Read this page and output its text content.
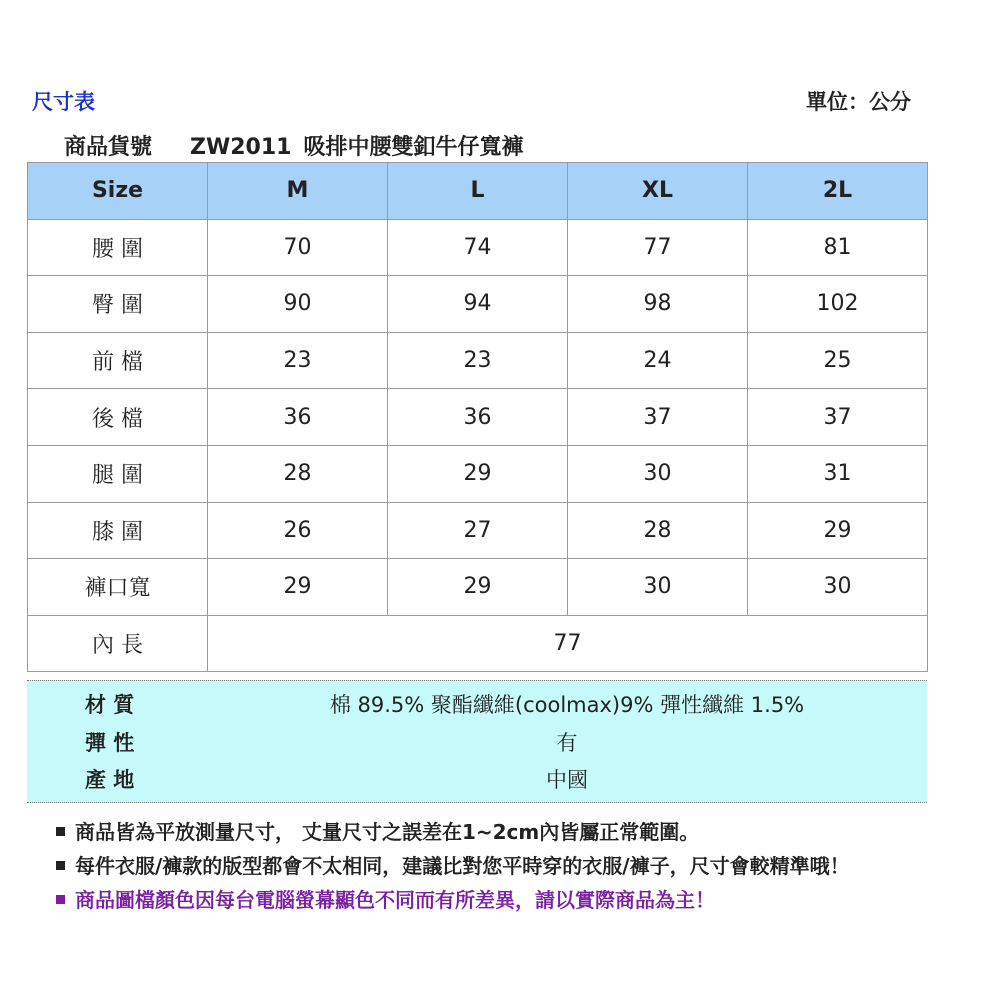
尺寸表	單位：公分
商品貨號 ZW2011 吸排中腰雙釦牛仔寬褲
Size	M	L	XL	2L
腰 圍	70	74	77	81
臀 圍	90	94	98	102
前 檔	23	23	24	25
後 檔	36	36	37	37
腿 圍	28	29	30	31
膝 圍	26	27	28	29
褲口寬	29	29	30	30
內 長	77			
材 質	棉 89.5% 聚酯纖維(coolmax)9% 彈性纖維 1.5%
彈 性	有
產 地	中國
商品皆為平放測量尺寸， 丈量尺寸之誤差在1~2cm內皆屬正常範圍。
每件衣服/褲款的版型都會不太相同，建議比對您平時穿的衣服/褲子，尺寸會較精準哦！
商品圖檔顏色因每台電腦螢幕顯色不同而有所差異，請以實際商品為主！
